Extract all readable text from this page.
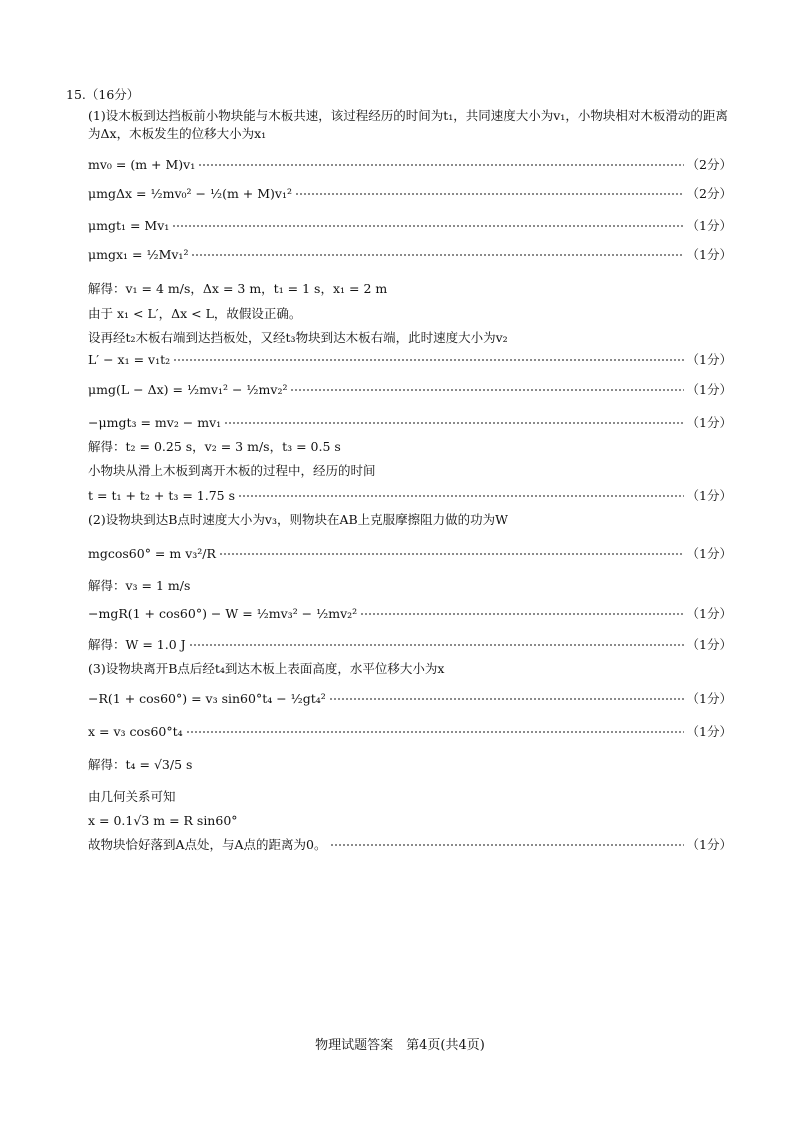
15.（16分）
(1)设木板到达挡板前小物块能与木板共速，该过程经历的时间为t₁，共同速度大小为v₁，小物块相对木板滑动的距离为Δx，木板发生的位移大小为x₁
mv₀ = (m + M)v₁	（2分）
μmgΔx = ½mv₀² − ½(m + M)v₁²	（2分）
μmgt₁ = Mv₁	（1分）
μmgx₁ = ½Mv₁²	（1分）
解得：v₁ = 4 m/s，Δx = 3 m，t₁ = 1 s，x₁ = 2 m
由于 x₁ < L′，Δx < L，故假设正确。
设再经t₂木板右端到达挡板处，又经t₃物块到达木板右端，此时速度大小为v₂
L′ − x₁ = v₁t₂	（1分）
μmg(L − Δx) = ½mv₁² − ½mv₂²	（1分）
−μmgt₃ = mv₂ − mv₁	（1分）
解得：t₂ = 0.25 s，v₂ = 3 m/s，t₃ = 0.5 s
小物块从滑上木板到离开木板的过程中，经历的时间
t = t₁ + t₂ + t₃ = 1.75 s	（1分）
(2)设物块到达B点时速度大小为v₃，则物块在AB上克服摩擦阻力做的功为W
mgcos60° = m v₃²/R	（1分）
解得：v₃ = 1 m/s
−mgR(1 + cos60°) − W = ½mv₃² − ½mv₂²	（1分）
解得：W = 1.0 J	（1分）
(3)设物块离开B点后经t₄到达木板上表面高度，水平位移大小为x
−R(1 + cos60°) = v₃ sin60°t₄ − ½gt₄²	（1分）
x = v₃ cos60°t₄	（1分）
解得：t₄ = √3/5 s
由几何关系可知
x = 0.1√3 m = R sin60°
故物块恰好落到A点处，与A点的距离为0。	（1分）
物理试题答案　第4页(共4页)
